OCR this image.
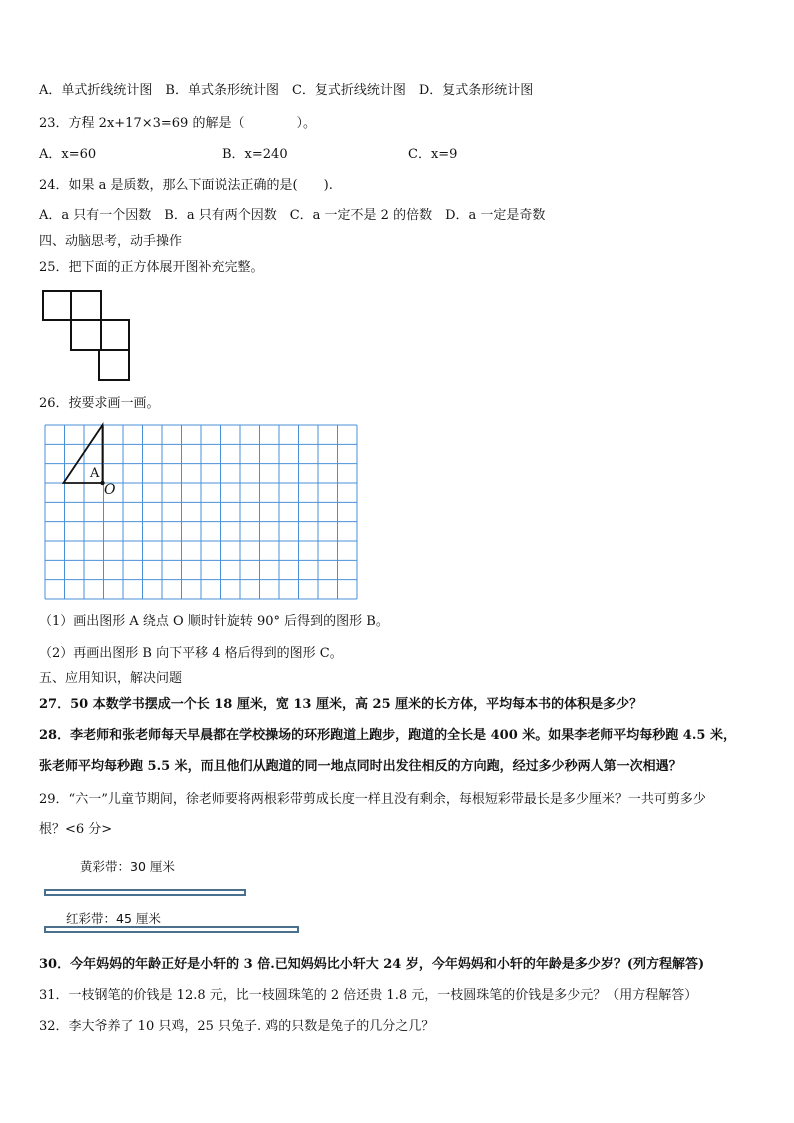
A．单式折线统计图　B．单式条形统计图　C．复式折线统计图　D．复式条形统计图
23．方程 2x+17×3=69 的解是（　　　　）。
A．x=60	B．x=240	C．x=9
24．如果 a 是质数，那么下面说法正确的是(　　).
A．a 只有一个因数　B．a 只有两个因数　C．a 一定不是 2 的倍数　D．a 一定是奇数
四、动脑思考，动手操作
25．把下面的正方体展开图补充完整。
26．按要求画一画。
A
O
（1）画出图形 A 绕点 O 顺时针旋转 90° 后得到的图形 B。
（2）再画出图形 B 向下平移 4 格后得到的图形 C。
五、应用知识，解决问题
27．50 本数学书摆成一个长 18 厘米，宽 13 厘米，高 25 厘米的长方体，平均每本书的体积是多少？
28．李老师和张老师每天早晨都在学校操场的环形跑道上跑步，跑道的全长是 400 米。如果李老师平均每秒跑 4.5 米，
张老师平均每秒跑 5.5 米，而且他们从跑道的同一地点同时出发往相反的方向跑，经过多少秒两人第一次相遇？
29．“六一”儿童节期间，徐老师要将两根彩带剪成长度一样且没有剩余，每根短彩带最长是多少厘米？一共可剪多少
根？<6 分>
黄彩带：30 厘米
红彩带：45 厘米
30．今年妈妈的年龄正好是小轩的 3 倍.已知妈妈比小轩大 24 岁，今年妈妈和小轩的年龄是多少岁？(列方程解答)
31．一枝钢笔的价钱是 12.8 元，比一枝圆珠笔的 2 倍还贵 1.8 元，一枝圆珠笔的价钱是多少元？（用方程解答）
32．李大爷养了 10 只鸡，25 只兔子. 鸡的只数是兔子的几分之几？
